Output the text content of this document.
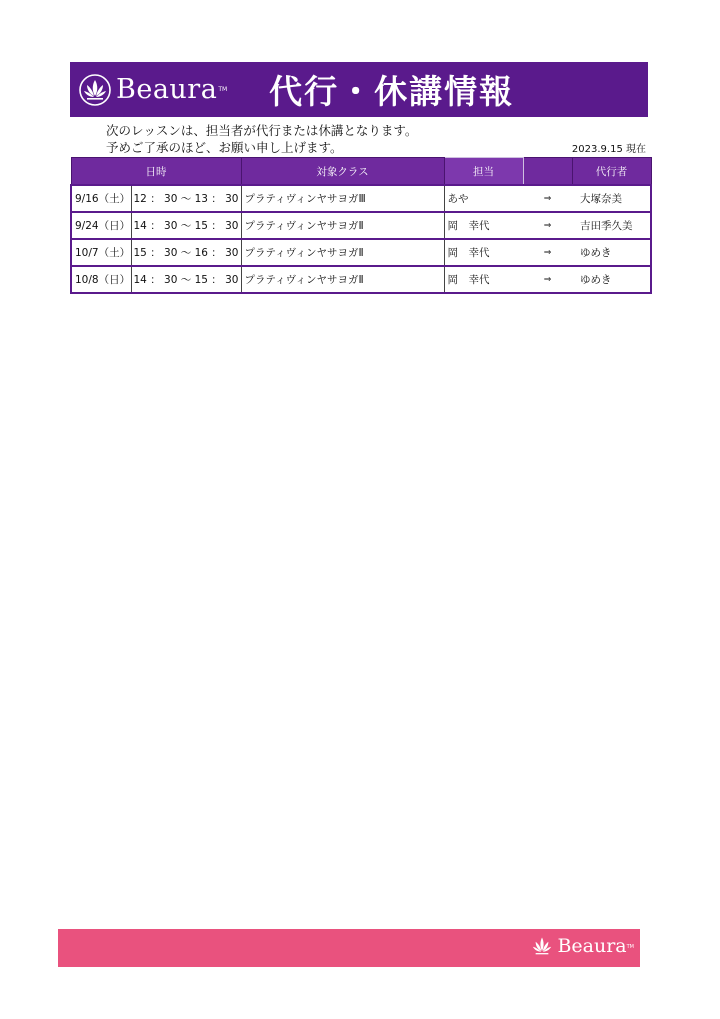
Beaura TM 代行・休講情報
次のレッスンは、担当者が代行または休講となります。
予めご了承のほど、お願い申し上げます。	2023.9.15 現在
日時		対象クラス	担当		代行者
9/16（土）	12 ： 30 〜 13 ： 30	プラティヴィンヤサヨガⅢ	あや	⇒	大塚奈美
9/24（日）	14 ： 30 〜 15 ： 30	プラティヴィンヤサヨガⅡ	岡　幸代	⇒	吉田季久美
10/7（土）	15 ： 30 〜 16 ： 30	プラティヴィンヤサヨガⅡ	岡　幸代	⇒	ゆめき
10/8（日）	14 ： 30 〜 15 ： 30	プラティヴィンヤサヨガⅡ	岡　幸代	⇒	ゆめき
Beaura TM
